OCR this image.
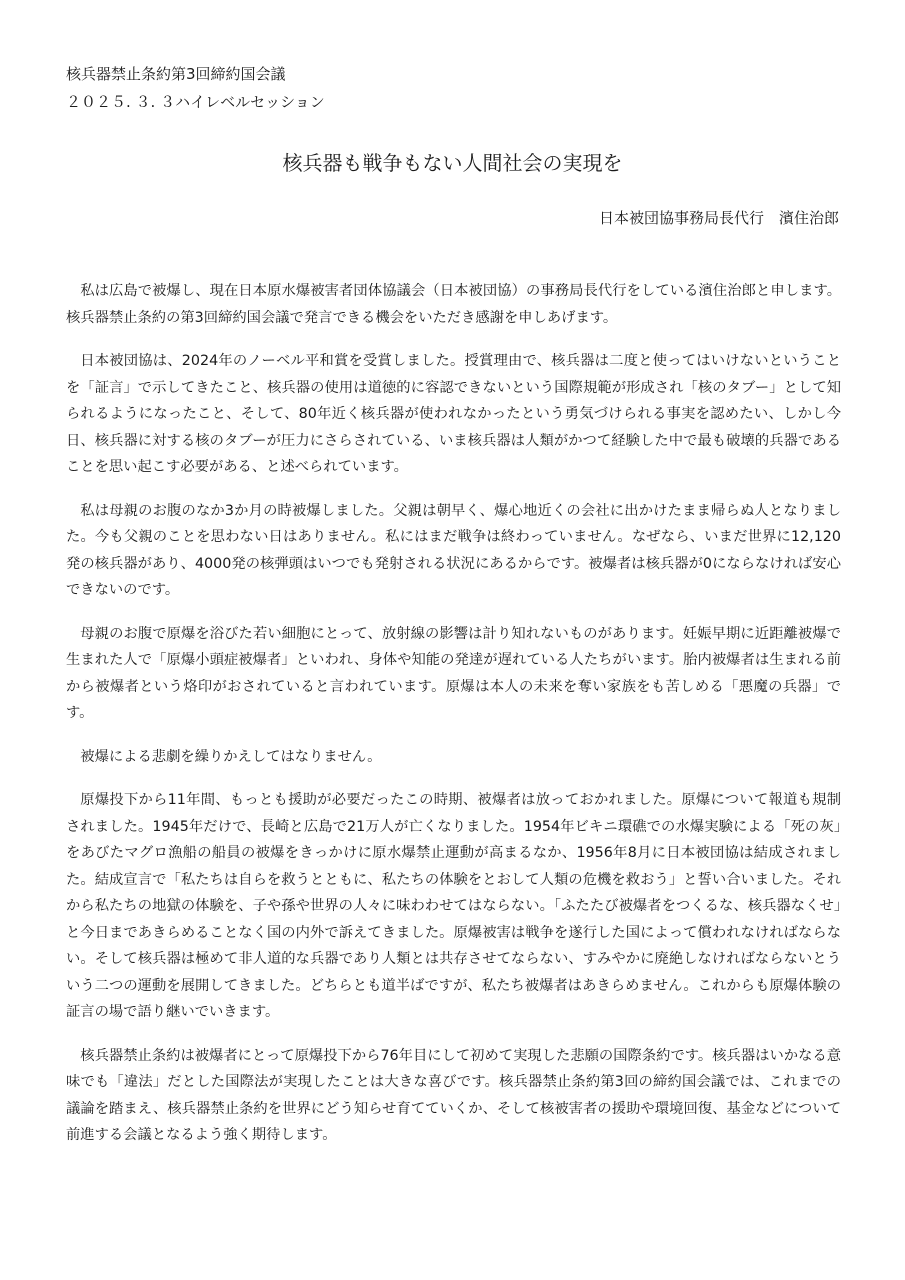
核兵器禁止条約第3回締約国会議
２０２５. ３. ３ハイレベルセッション
核兵器も戦争もない人間社会の実現を
日本被団協事務局長代行　濱住治郎

私は広島で被爆し、現在日本原水爆被害者団体協議会（日本被団協）の事務局長代行をしている濱住治郎と申します。核兵器禁止条約の第3回締約国会議で発言できる機会をいただき感謝を申しあげます。

日本被団協は、2024年のノーベル平和賞を受賞しました。授賞理由で、核兵器は二度と使ってはいけないということを「証言」で示してきたこと、核兵器の使用は道徳的に容認できないという国際規範が形成され「核のタブー」として知られるようになったこと、そして、80年近く核兵器が使われなかったという勇気づけられる事実を認めたい、しかし今日、核兵器に対する核のタブーが圧力にさらされている、いま核兵器は人類がかつて経験した中で最も破壊的兵器であることを思い起こす必要がある、と述べられています。

私は母親のお腹のなか3か月の時被爆しました。父親は朝早く、爆心地近くの会社に出かけたまま帰らぬ人となりました。今も父親のことを思わない日はありません。私にはまだ戦争は終わっていません。なぜなら、いまだ世界に12,120発の核兵器があり、4000発の核弾頭はいつでも発射される状況にあるからです。被爆者は核兵器が0にならなければ安心できないのです。

母親のお腹で原爆を浴びた若い細胞にとって、放射線の影響は計り知れないものがあります。妊娠早期に近距離被爆で生まれた人で「原爆小頭症被爆者」といわれ、身体や知能の発達が遅れている人たちがいます。胎内被爆者は生まれる前から被爆者という烙印がおされていると言われています。原爆は本人の未来を奪い家族をも苦しめる「悪魔の兵器」です。

被爆による悲劇を繰りかえしてはなりません。

原爆投下から11年間、もっとも援助が必要だったこの時期、被爆者は放っておかれました。原爆について報道も規制されました。1945年だけで、長崎と広島で21万人が亡くなりました。1954年ビキニ環礁での水爆実験による「死の灰」をあびたマグロ漁船の船員の被爆をきっかけに原水爆禁止運動が高まるなか、1956年8月に日本被団協は結成されました。結成宣言で「私たちは自らを救うとともに、私たちの体験をとおして人類の危機を救おう」と誓い合いました。それから私たちの地獄の体験を、子や孫や世界の人々に味わわせてはならない。「ふたたび被爆者をつくるな、核兵器なくせ」と今日まであきらめることなく国の内外で訴えてきました。原爆被害は戦争を遂行した国によって償われなければならない。そして核兵器は極めて非人道的な兵器であり人類とは共存させてならない、すみやかに廃絶しなければならないとういう二つの運動を展開してきました。どちらとも道半ばですが、私たち被爆者はあきらめません。これからも原爆体験の証言の場で語り継いでいきます。

核兵器禁止条約は被爆者にとって原爆投下から76年目にして初めて実現した悲願の国際条約です。核兵器はいかなる意味でも「違法」だとした国際法が実現したことは大きな喜びです。核兵器禁止条約第3回の締約国会議では、これまでの議論を踏まえ、核兵器禁止条約を世界にどう知らせ育てていくか、そして核被害者の援助や環境回復、基金などについて前進する会議となるよう強く期待します。
